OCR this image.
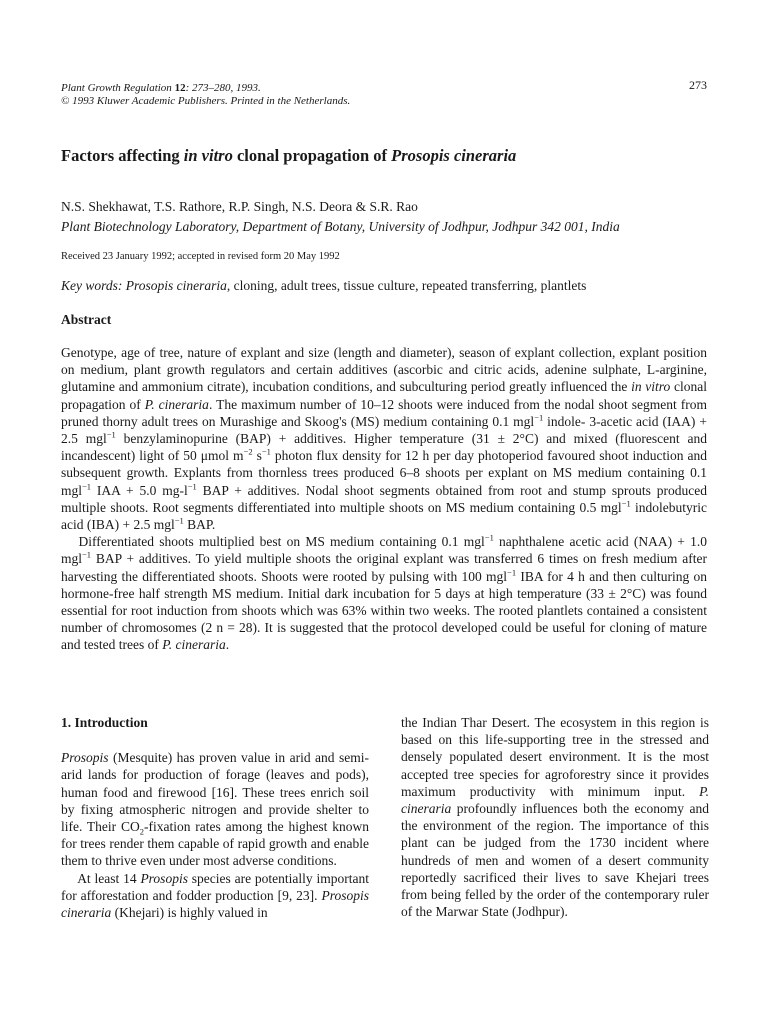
Plant Growth Regulation 12: 273–280, 1993.
© 1993 Kluwer Academic Publishers. Printed in the Netherlands.
273
Factors affecting in vitro clonal propagation of Prosopis cineraria
N.S. Shekhawat, T.S. Rathore, R.P. Singh, N.S. Deora & S.R. Rao
Plant Biotechnology Laboratory, Department of Botany, University of Jodhpur, Jodhpur 342 001, India
Received 23 January 1992; accepted in revised form 20 May 1992
Key words: Prosopis cineraria, cloning, adult trees, tissue culture, repeated transferring, plantlets
Abstract

Genotype, age of tree, nature of explant and size (length and diameter), season of explant collection, explant position on medium, plant growth regulators and certain additives (ascorbic and citric acids, adenine sulphate, L-arginine, glutamine and ammonium citrate), incubation conditions, and subculturing period greatly influenced the in vitro clonal propagation of P. cineraria. The maximum number of 10–12 shoots were induced from the nodal shoot segment from pruned thorny adult trees on Murashige and Skoog's (MS) medium containing 0.1 mgl$^{-1}$ indole- 3-acetic acid (IAA) + 2.5 mgl$^{-1}$ benzylaminopurine (BAP) + additives. Higher temperature (31 ± 2°C) and mixed (fluorescent and incandescent) light of 50 μmol $m^{-2}$ $s^{-1}$ photon flux density for 12 h per day photoperiod favoured shoot induction and subsequent growth. Explants from thornless trees produced 6–8 shoots per explant on MS medium containing 0.1 mgl$^{-1}$ IAA + 5.0 $mg-l^{-1}$ BAP + additives. Nodal shoot segments obtained from root and stump sprouts produced multiple shoots. Root segments differentiated into multiple shoots on MS medium containing 0.5 mgl$^{-1}$ indolebutyric acid (IBA) + 2.5 mgl$^{-1}$ BAP.

Differentiated shoots multiplied best on MS medium containing 0.1 mgl$^{-1}$ naphthalene acetic acid (NAA) + 1.0 mgl$^{-1}$ BAP + additives. To yield multiple shoots the original explant was transferred 6 times on fresh medium after harvesting the differentiated shoots. Shoots were rooted by pulsing with 100 mgl$^{-1}$ IBA for 4 h and then culturing on hormone-free half strength MS medium. Initial dark incubation for 5 days at high temperature (33 ± 2°C) was found essential for root induction from shoots which was 63% within two weeks. The rooted plantlets contained a consistent number of chromosomes (2 n = 28). It is suggested that the protocol developed could be useful for cloning of mature and tested trees of P. cineraria.

1. Introduction

Prosopis (Mesquite) has proven value in arid and semi-arid lands for production of forage (leaves and pods), human food and firewood [16]. These trees enrich soil by fixing atmospheric nitrogen and provide shelter to life. Their $CO_2$-fixation rates among the highest known for trees render them capable of rapid growth and enable them to thrive even under most adverse conditions.

At least 14 Prosopis species are potentially important for afforestation and fodder production [9, 23]. Prosopis cineraria (Khejari) is highly valued in

the Indian Thar Desert. The ecosystem in this region is based on this life-supporting tree in the stressed and densely populated desert environment. It is the most accepted tree species for agroforestry since it provides maximum productivity with minimum input. P. cineraria profoundly influences both the economy and the environment of the region. The importance of this plant can be judged from the 1730 incident where hundreds of men and women of a desert community reportedly sacrificed their lives to save Khejari trees from being felled by the order of the contemporary ruler of the Marwar State (Jodhpur).
